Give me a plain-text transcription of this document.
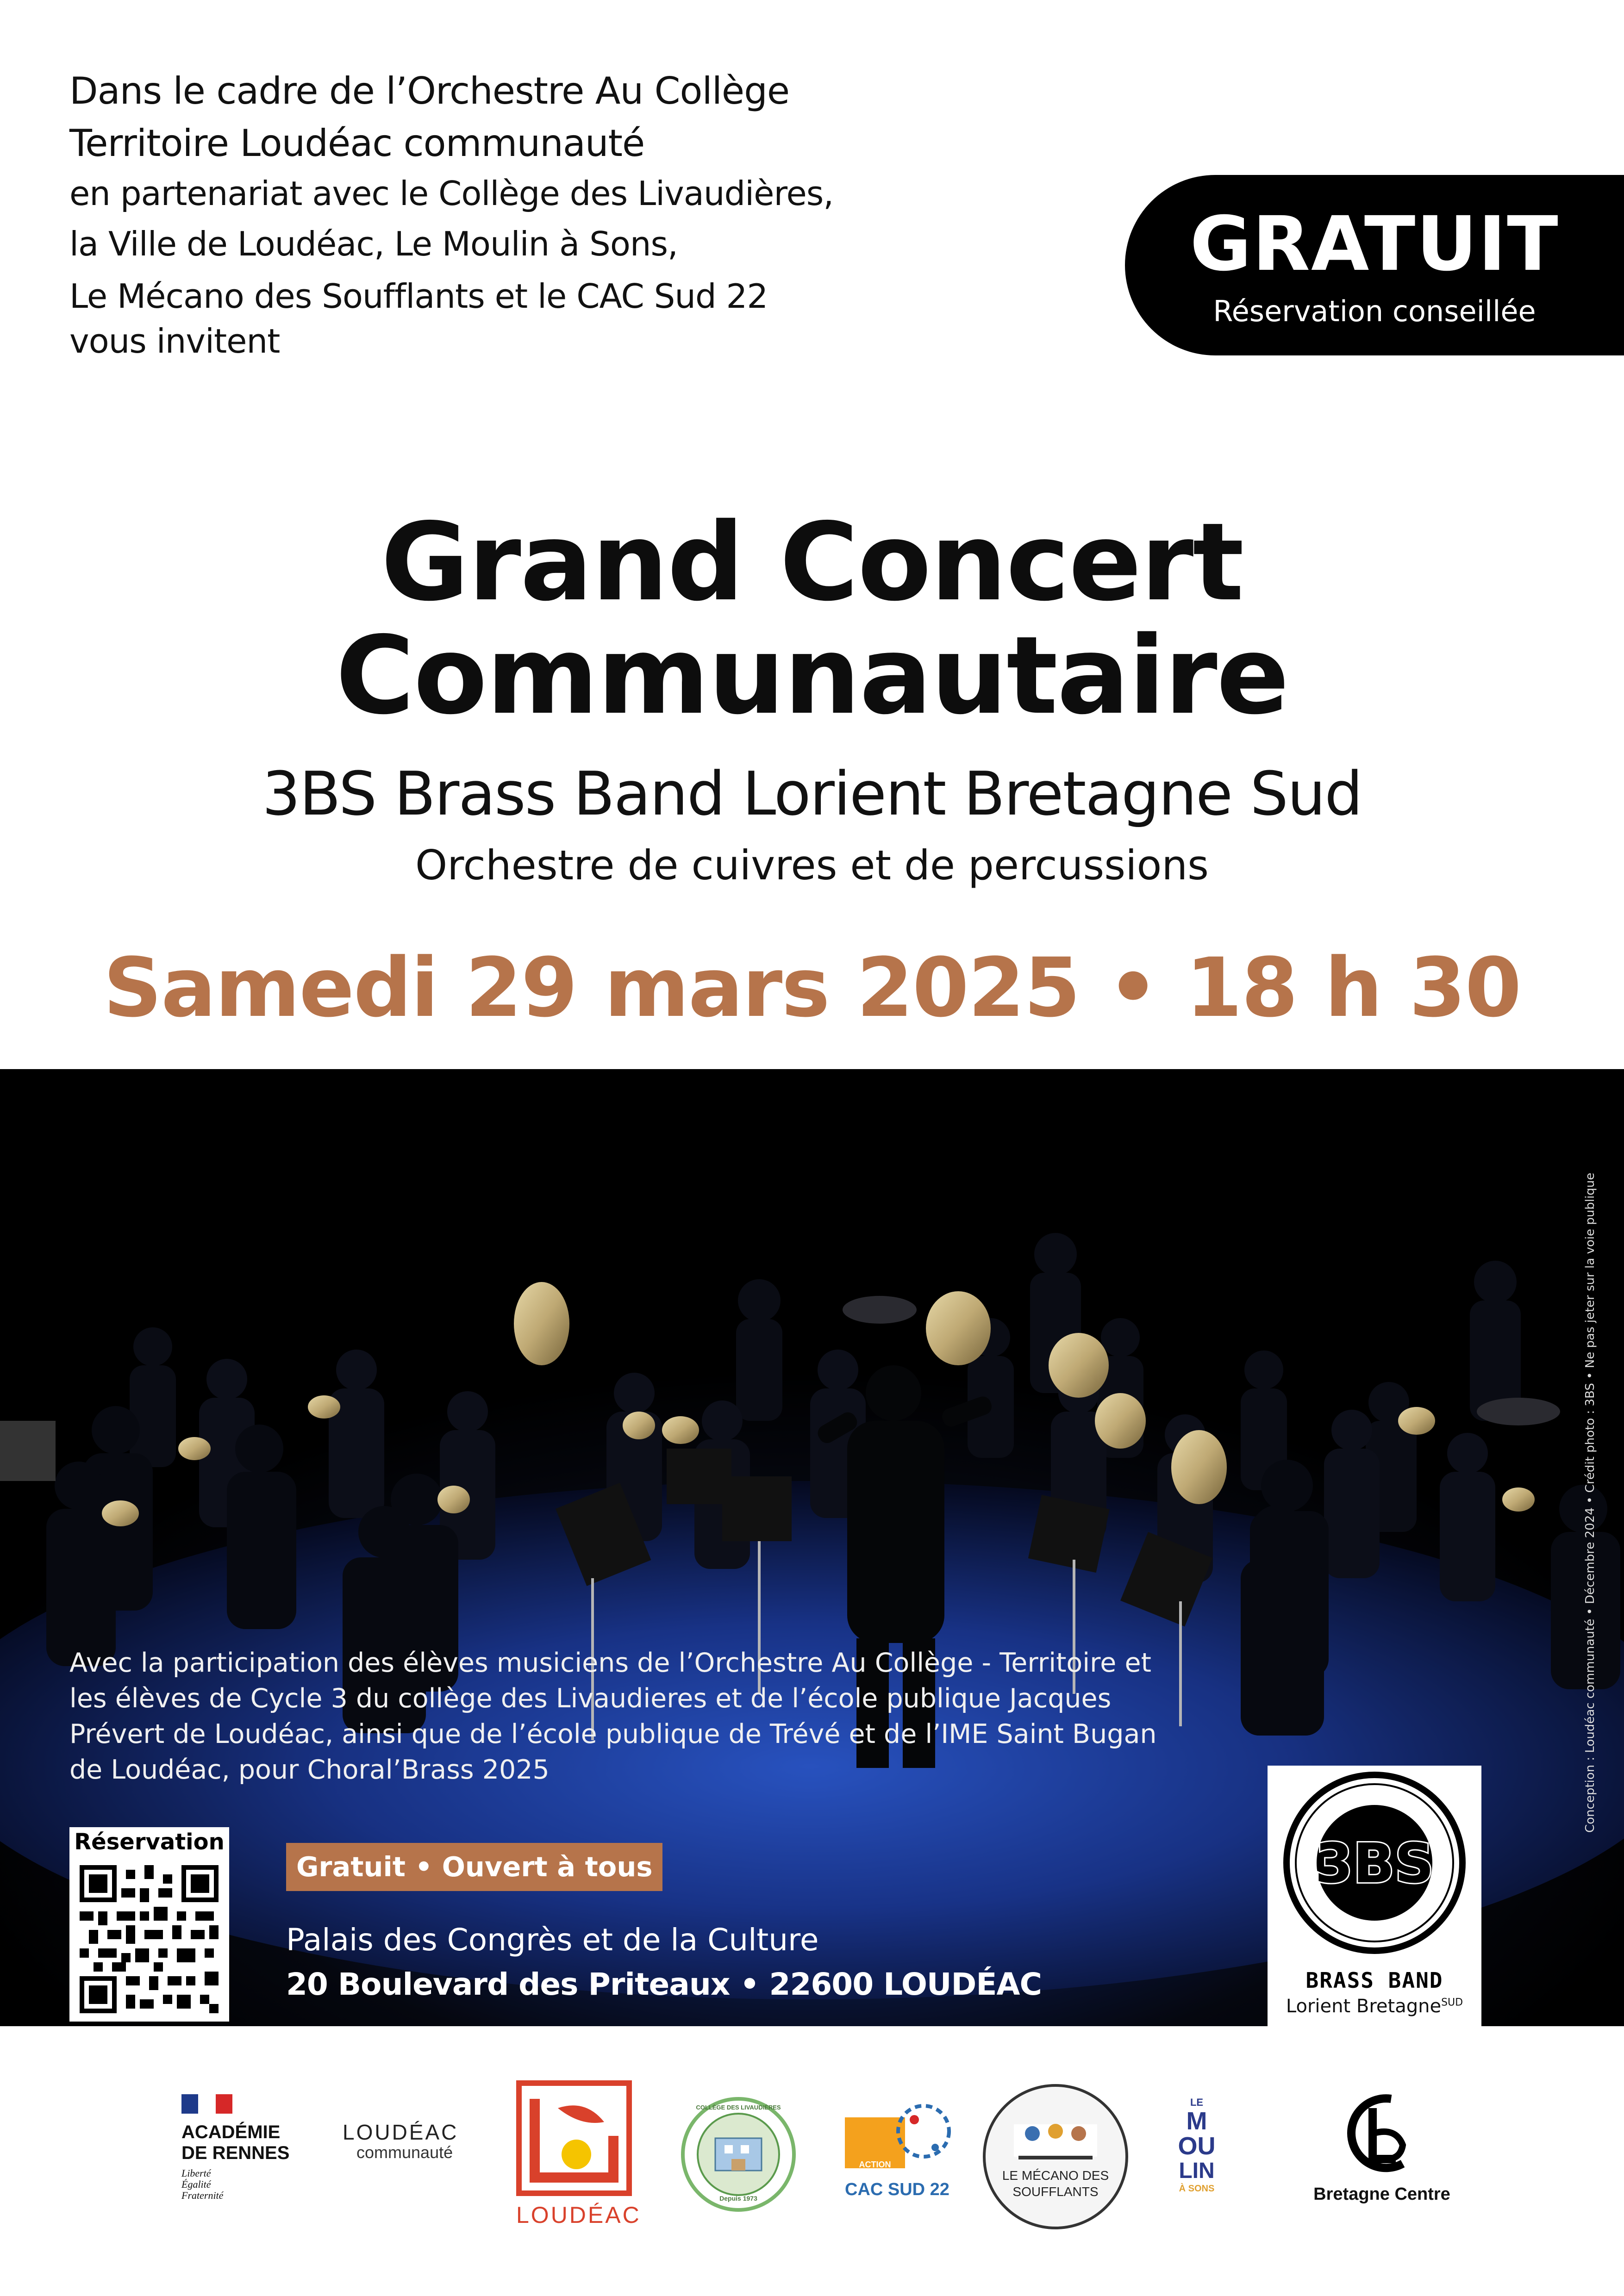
Dans le cadre de l’Orchestre Au Collège
Territoire Loudéac communauté
en partenariat avec le Collège des Livaudières,
la Ville de Loudéac, Le Moulin à Sons,
Le Mécano des Soufflants et le CAC Sud 22
vous invitent
GRATUIT
Réservation conseillée
Grand Concert
Communautaire
3BS Brass Band Lorient Bretagne Sud
Orchestre de cuivres et de percussions
Samedi 29 mars 2025 • 18 h 30
Conception : Loudéac communauté • Décembre 2024 • Crédit photo : 3BS • Ne pas jeter sur la voie publique
Avec la participation des élèves musiciens de l’Orchestre Au Collège - Territoire et
les élèves de Cycle 3 du collège des Livaudieres et de l’école publique Jacques
Prévert de Loudéac, ainsi que de l’école publique de Trévé et de l’IME Saint Bugan
de Loudéac, pour Choral’Brass 2025
Réservation
Gratuit • Ouvert à tous
Palais des Congrès et de la Culture
20 Boulevard des Priteaux • 22600 LOUDÉAC
3BS
BRASS BAND
Lorient Bretagne$^{SUD}$
ACADÉMIE
DE RENNES
Liberté
Égalité
Fraternité
LOUDÉAC
communauté
LOUDÉAC
COLLÈGE DES LIVAUDIÈRES
Depuis 1973
ACTION CULTURELLE
CAC SUD 22
LE MÉCANO DES
SOUFFLANTS
LE
M
OU
LIN
À SONS	Bretagne Centre
